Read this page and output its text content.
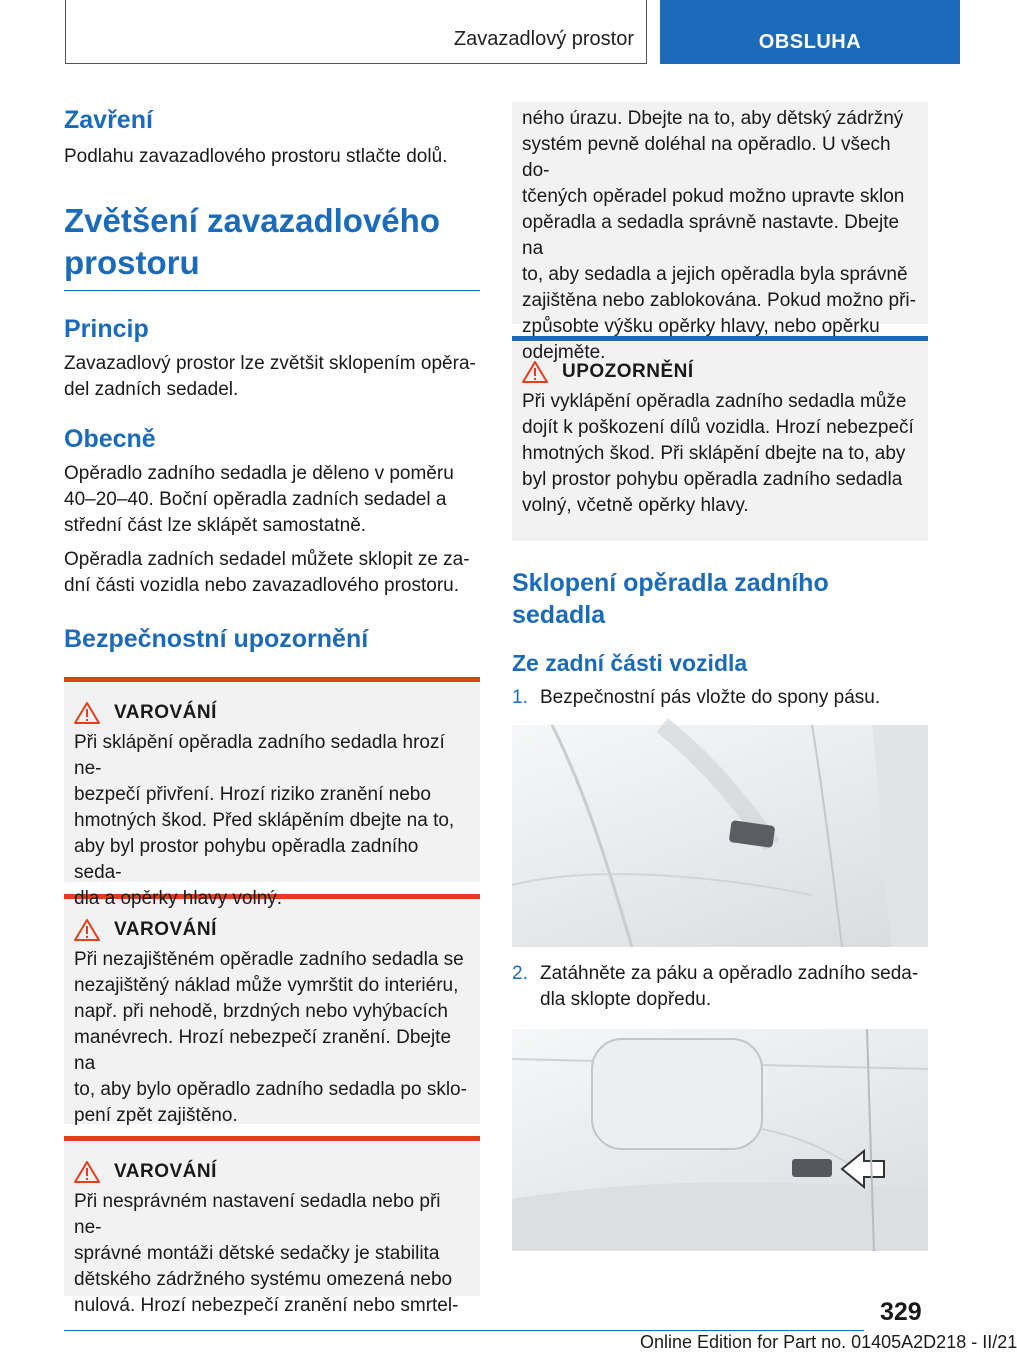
Zavazadlový prostor	OBSLUHA
Zavření

Podlahu zavazadlového prostoru stlačte dolů.

Zvětšení zavazadlového
prostoru
Princip

Zavazadlový prostor lze zvětšit sklopením opěra-
del zadních sedadel.

Obecně

Opěradlo zadního sedadla je děleno v poměru
40–20–40. Boční opěradla zadních sedadel a
střední část lze sklápět samostatně.

Opěradla zadních sedadel můžete sklopit ze za-
dní části vozidla nebo zavazadlového prostoru.

Bezpečnostní upozornění
VAROVÁNÍ

Při sklápění opěradla zadního sedadla hrozí ne-
bezpečí přivření. Hrozí riziko zranění nebo
hmotných škod. Před sklápěním dbejte na to,
aby byl prostor pohybu opěradla zadního seda-
dla a opěrky hlavy volný.

VAROVÁNÍ

Při nezajištěném opěradle zadního sedadla se
nezajištěný náklad může vymrštit do interiéru,
např. při nehodě, brzdných nebo vyhýbacích
manévrech. Hrozí nebezpečí zranění. Dbejte na
to, aby bylo opěradlo zadního sedadla po sklo-
pení zpět zajištěno.

VAROVÁNÍ

Při nesprávném nastavení sedadla nebo při ne-
správné montáži dětské sedačky je stabilita
dětského zádržného systému omezená nebo
nulová. Hrozí nebezpečí zranění nebo smrtel-

ného úrazu. Dbejte na to, aby dětský zádržný
systém pevně doléhal na opěradlo. U všech do-
tčených opěradel pokud možno upravte sklon
opěradla a sedadla správně nastavte. Dbejte na
to, aby sedadla a jejich opěradla byla správně
zajištěna nebo zablokována. Pokud možno při-
způsobte výšku opěrky hlavy, nebo opěrku
odejměte.

UPOZORNĚNÍ

Při vyklápění opěradla zadního sedadla může
dojít k poškození dílů vozidla. Hrozí nebezpečí
hmotných škod. Při sklápění dbejte na to, aby
byl prostor pohybu opěradla zadního sedadla
volný, včetně opěrky hlavy.

Sklopení opěradla zadního
sedadla
Ze zadní části vozidla
1. Bezpečnostní pás vložte do spony pásu.
2. Zatáhněte za páku a opěradlo zadního seda-
dla sklopte dopředu.
329
Online Edition for Part no. 01405A2D218 - II/21
